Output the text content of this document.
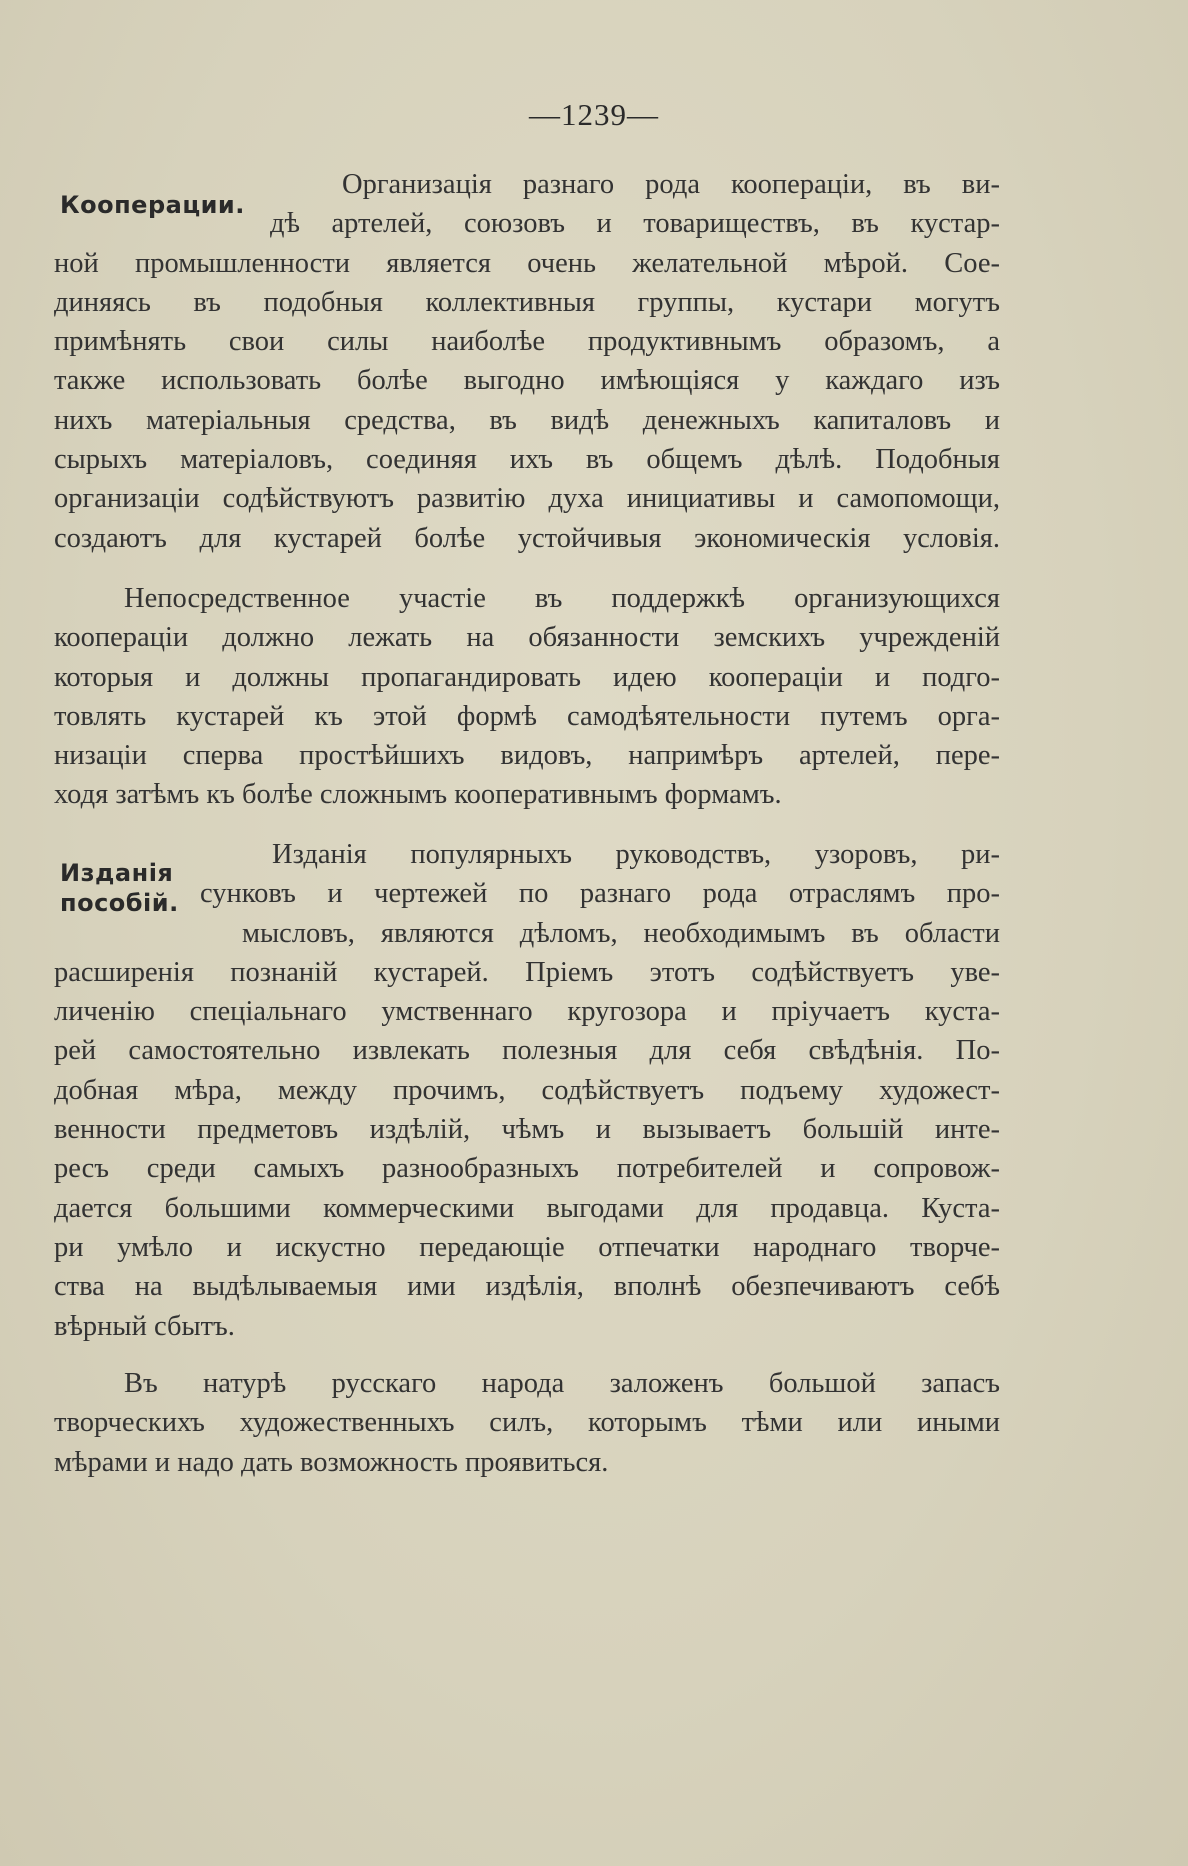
—1239—
Кооперации.
Организація разнаго рода коопераціи, въ ви-
дѣ артелей, союзовъ и товариществъ, въ кустар-
ной промышленности является очень желательной мѣрой. Сое-
диняясь въ подобныя коллективныя группы, кустари могутъ
примѣнять свои силы наиболѣе продуктивнымъ образомъ, а
также использовать болѣе выгодно имѣющіяся у каждаго изъ
нихъ матеріальныя средства, въ видѣ денежныхъ капиталовъ и
сырыхъ матеріаловъ, соединяя ихъ въ общемъ дѣлѣ. Подобныя
организаціи содѣйствуютъ развитію духа инициативы и самопомощи,
создаютъ для кустарей болѣе устойчивыя экономическія условія.
Непосредственное участіе въ поддержкѣ организующихся
коопераціи должно лежать на обязанности земскихъ учрежденій
которыя и должны пропагандировать идею коопераціи и подго-
товлять кустарей къ этой формѣ самодѣятельности путемъ орга-
низаціи сперва простѣйшихъ видовъ, напримѣръ артелей, пере-
ходя затѣмъ къ болѣе сложнымъ кооперативнымъ формамъ.
Изданія
пособій.
Изданія популярныхъ руководствъ, узоровъ, ри-
сунковъ и чертежей по разнаго рода отраслямъ про-
мысловъ, являются дѣломъ, необходимымъ въ области
расширенія познаній кустарей. Пріемъ этотъ содѣйствуетъ уве-
личенію спеціальнаго умственнаго кругозора и пріучаетъ куста-
рей самостоятельно извлекать полезныя для себя свѣдѣнія. По-
добная мѣра, между прочимъ, содѣйствуетъ подъему художест-
венности предметовъ издѣлій, чѣмъ и вызываетъ большій инте-
ресъ среди самыхъ разнообразныхъ потребителей и сопровож-
дается большими коммерческими выгодами для продавца. Куста-
ри умѣло и искустно передающіе отпечатки народнаго творче-
ства на выдѣлываемыя ими издѣлія, вполнѣ обезпечиваютъ себѣ
вѣрный сбытъ.
Въ натурѣ русскаго народа заложенъ большой запасъ
творческихъ художественныхъ силъ, которымъ тѣми или иными
мѣрами и надо дать возможность проявиться.
